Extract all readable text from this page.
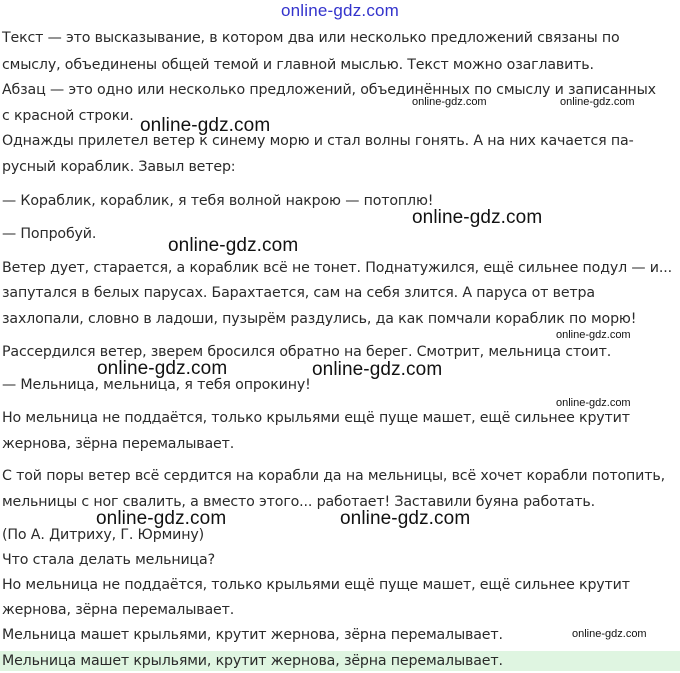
online-gdz.com
Текст — это высказывание, в котором два или несколько предложений связаны по
смыслу, объединены общей темой и главной мыслью. Текст можно озаглавить.
Абзац — это одно или несколько предложений, объединённых по смыслу и записанных
с красной строки.
Однажды прилетел ветер к синему морю и стал волны гонять. А на них качается па-
русный кораблик. Завыл ветер:
— Кораблик, кораблик, я тебя волной накрою — потоплю!
— Попробуй.
Ветер дует, старается, а кораблик всё не тонет. Поднатужился, ещё сильнее подул — и...
запутался в белых парусах. Барахтается, сам на себя злится. А паруса от ветра
захлопали, словно в ладоши, пузырём раздулись, да как помчали кораблик по морю!
Рассердился ветер, зверем бросился обратно на берег. Смотрит, мельница стоит.
— Мельница, мельница, я тебя опрокину!
Но мельница не поддаётся, только крыльями ещё пуще машет, ещё сильнее крутит
жернова, зёрна перемалывает.
С той поры ветер всё сердится на корабли да на мельницы, всё хочет корабли потопить,
мельницы с ног свалить, а вместо этого... работает! Заставили буяна работать.
(По А. Дитриху, Г. Юрмину)
Что стала делать мельница?
Но мельница не поддаётся, только крыльями ещё пуще машет, ещё сильнее крутит
жернова, зёрна перемалывает.
Мельница машет крыльями, крутит жернова, зёрна перемалывает.
Мельница машет крыльями, крутит жернова, зёрна перемалывает.
online-gdz.com	online-gdz.com
online-gdz.com
online-gdz.com
online-gdz.com
online-gdz.com
online-gdz.com	online-gdz.com
online-gdz.com
online-gdz.com	online-gdz.com
online-gdz.com
